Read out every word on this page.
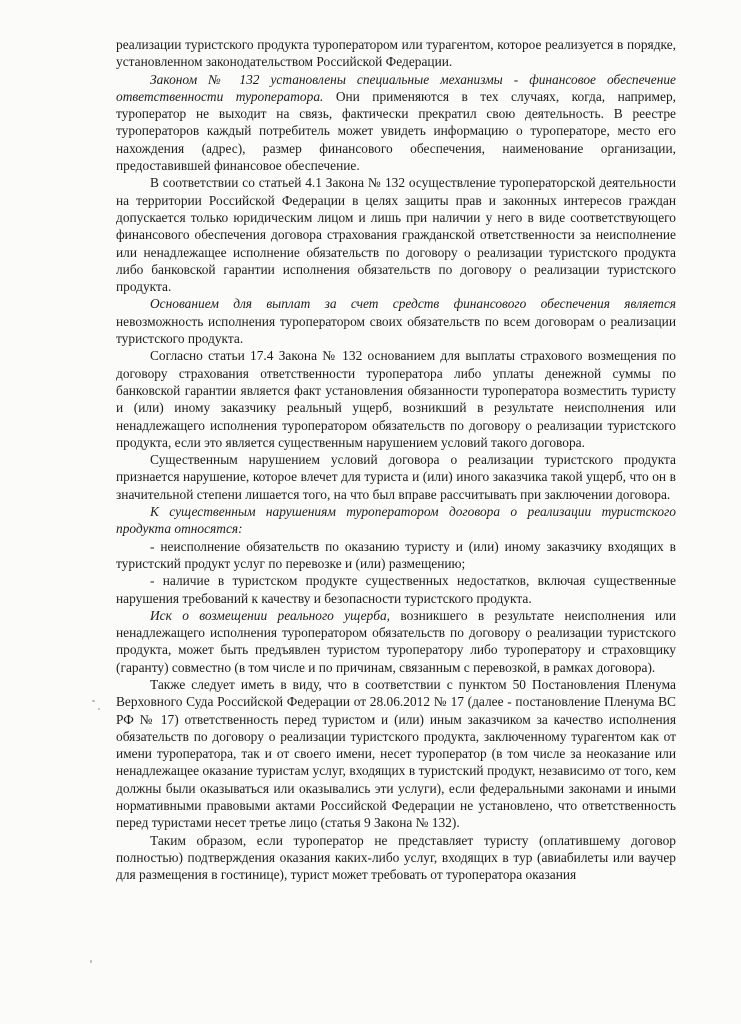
реализации туристского продукта туроператором или турагентом, которое реализуется в порядке, установленном законодательством Российской Федерации.

Законом № 132 установлены специальные механизмы - финансовое обеспечение ответственности туроператора. Они применяются в тех случаях, когда, например, туроператор не выходит на связь, фактически прекратил свою деятельность. В реестре туроператоров каждый потребитель может увидеть информацию о туроператоре, место его нахождения (адрес), размер финансового обеспечения, наименование организации, предоставившей финансовое обеспечение.

В соответствии со статьей 4.1 Закона № 132 осуществление туроператорской деятельности на территории Российской Федерации в целях защиты прав и законных интересов граждан допускается только юридическим лицом и лишь при наличии у него в виде соответствующего финансового обеспечения договора страхования гражданской ответственности за неисполнение или ненадлежащее исполнение обязательств по договору о реализации туристского продукта либо банковской гарантии исполнения обязательств по договору о реализации туристского продукта.

Основанием для выплат за счет средств финансового обеспечения является невозможность исполнения туроператором своих обязательств по всем договорам о реализации туристского продукта.

Согласно статьи 17.4 Закона № 132 основанием для выплаты страхового возмещения по договору страхования ответственности туроператора либо уплаты денежной суммы по банковской гарантии является факт установления обязанности туроператора возместить туристу и (или) иному заказчику реальный ущерб, возникший в результате неисполнения или ненадлежащего исполнения туроператором обязательств по договору о реализации туристского продукта, если это является существенным нарушением условий такого договора.

Существенным нарушением условий договора о реализации туристского продукта признается нарушение, которое влечет для туриста и (или) иного заказчика такой ущерб, что он в значительной степени лишается того, на что был вправе рассчитывать при заключении договора.

К существенным нарушениям туроператором договора о реализации туристского продукта относятся:

- неисполнение обязательств по оказанию туристу и (или) иному заказчику входящих в туристский продукт услуг по перевозке и (или) размещению;

- наличие в туристском продукте существенных недостатков, включая существенные нарушения требований к качеству и безопасности туристского продукта.

Иск о возмещении реального ущерба, возникшего в результате неисполнения или ненадлежащего исполнения туроператором обязательств по договору о реализации туристского продукта, может быть предъявлен туристом туроператору либо туроператору и страховщику (гаранту) совместно (в том числе и по причинам, связанным с перевозкой, в рамках договора).

Также следует иметь в виду, что в соответствии с пунктом 50 Постановления Пленума Верховного Суда Российской Федерации от 28.06.2012 № 17 (далее - постановление Пленума ВС РФ № 17) ответственность перед туристом и (или) иным заказчиком за качество исполнения обязательств по договору о реализации туристского продукта, заключенному турагентом как от имени туроператора, так и от своего имени, несет туроператор (в том числе за неоказание или ненадлежащее оказание туристам услуг, входящих в туристский продукт, независимо от того, кем должны были оказываться или оказывались эти услуги), если федеральными законами и иными нормативными правовыми актами Российской Федерации не установлено, что ответственность перед туристами несет третье лицо (статья 9 Закона № 132).

Таким образом, если туроператор не представляет туристу (оплатившему договор полностью) подтверждения оказания каких-либо услуг, входящих в тур (авиабилеты или ваучер для размещения в гостинице), турист может требовать от туроператора оказания
